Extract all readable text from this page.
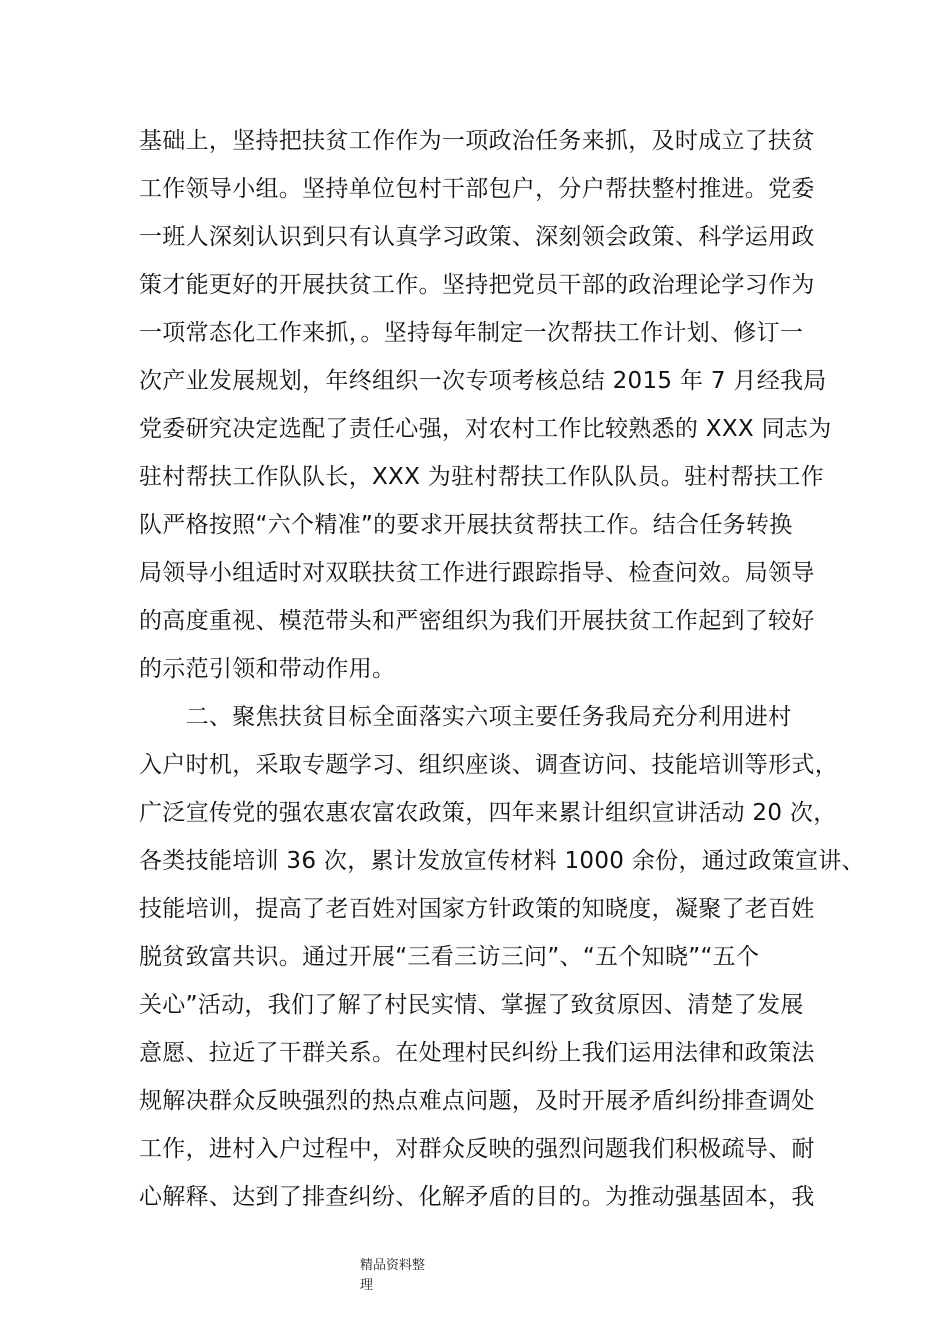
基础上，坚持把扶贫工作作为一项政治任务来抓，及时成立了扶贫
工作领导小组。坚持单位包村干部包户，分户帮扶整村推进。党委
一班人深刻认识到只有认真学习政策、深刻领会政策、科学运用政
策才能更好的开展扶贫工作。坚持把党员干部的政治理论学习作为
一项常态化工作来抓，。坚持每年制定一次帮扶工作计划、修订一
次产业发展规划，年终组织一次专项考核总结 2015 年 7 月经我局
党委研究决定选配了责任心强，对农村工作比较熟悉的 XXX 同志为
驻村帮扶工作队队长，XXX 为驻村帮扶工作队队员。驻村帮扶工作
队严格按照“六个精准”的要求开展扶贫帮扶工作。结合任务转换
局领导小组适时对双联扶贫工作进行跟踪指导、检查问效。局领导
的高度重视、模范带头和严密组织为我们开展扶贫工作起到了较好
的示范引领和带动作用。
　　二、聚焦扶贫目标全面落实六项主要任务我局充分利用进村
入户时机，采取专题学习、组织座谈、调查访问、技能培训等形式，
广泛宣传党的强农惠农富农政策，四年来累计组织宣讲活动 20 次，
各类技能培训 36 次，累计发放宣传材料 1000 余份，通过政策宣讲、
技能培训，提高了老百姓对国家方针政策的知晓度，凝聚了老百姓
脱贫致富共识。通过开展“三看三访三问”、“五个知晓”“五个
关心”活动，我们了解了村民实情、掌握了致贫原因、清楚了发展
意愿、拉近了干群关系。在处理村民纠纷上我们运用法律和政策法
规解决群众反映强烈的热点难点问题，及时开展矛盾纠纷排查调处
工作，进村入户过程中，对群众反映的强烈问题我们积极疏导、耐
心解释、达到了排查纠纷、化解矛盾的目的。为推动强基固本，我
精品资料整
理
